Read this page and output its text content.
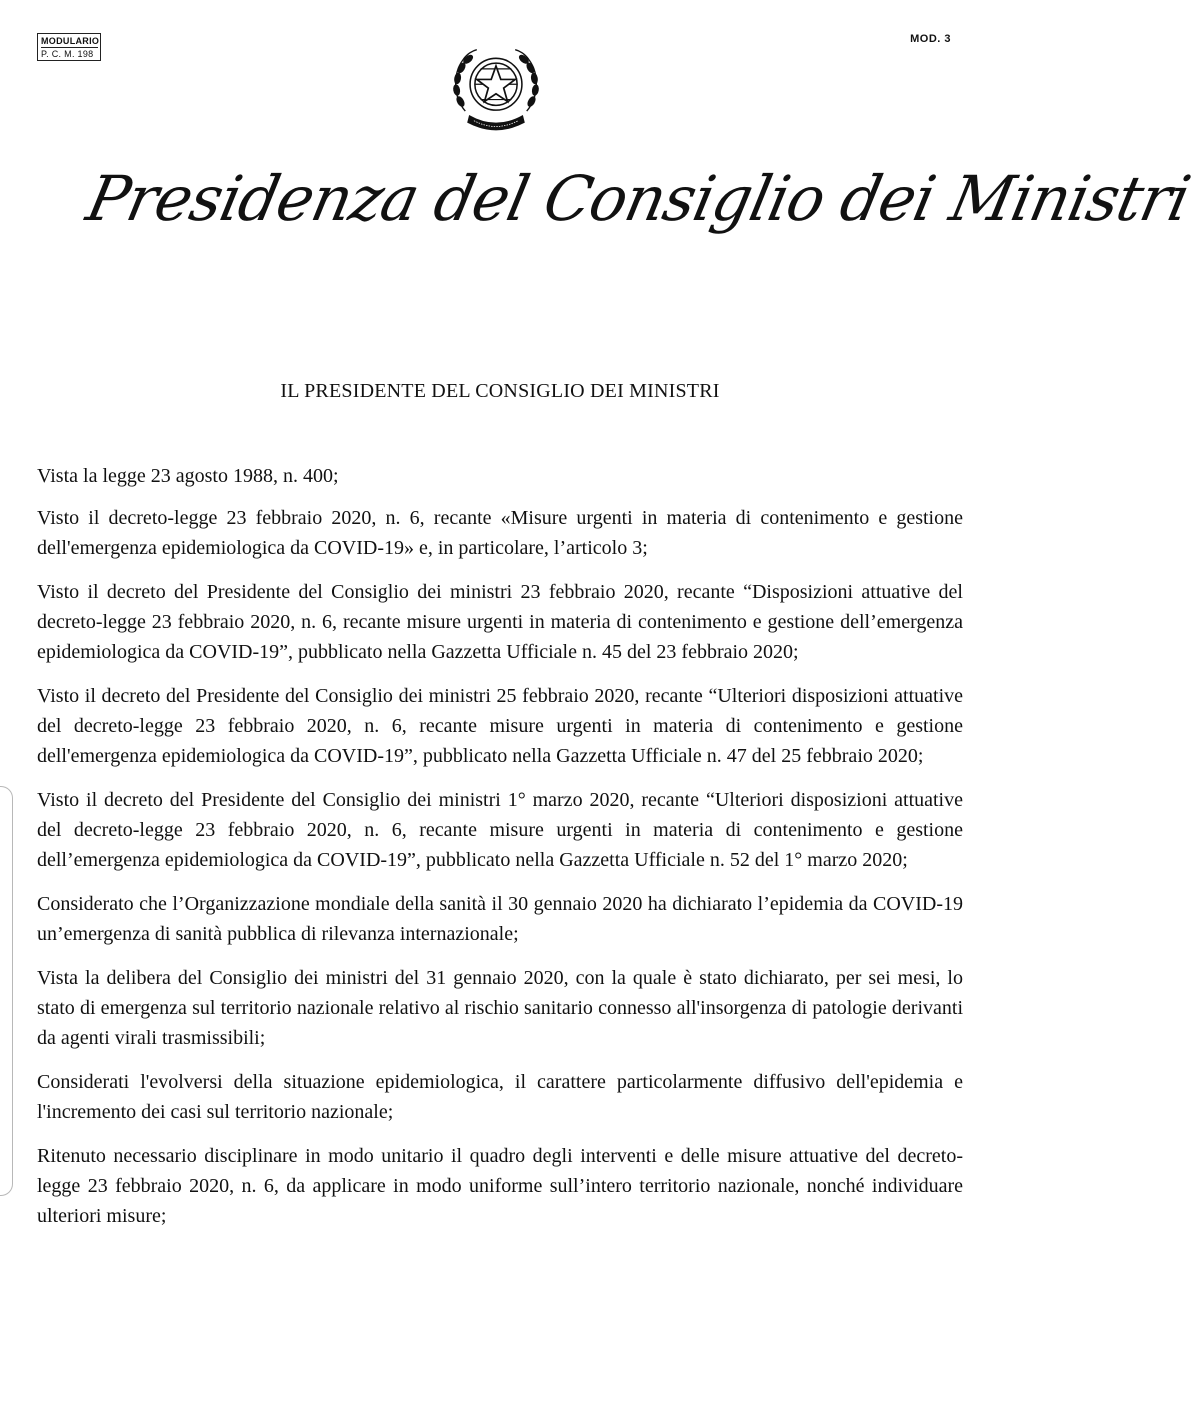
MODULARIO
P. C. M. 198
MOD. 3
Presidenza del Consiglio dei Ministri
IL PRESIDENTE DEL CONSIGLIO DEI MINISTRI

Vista la legge 23 agosto 1988, n. 400;

Visto il decreto-legge 23 febbraio 2020, n. 6, recante «Misure urgenti in materia di contenimento e gestione dell'emergenza epidemiologica da COVID-19» e, in particolare, l’articolo 3;

Visto il decreto del Presidente del Consiglio dei ministri 23 febbraio 2020, recante “Disposizioni attuative del decreto-legge 23 febbraio 2020, n. 6, recante misure urgenti in materia di contenimento e gestione dell’emergenza epidemiologica da COVID-19”, pubblicato nella Gazzetta Ufficiale n. 45 del 23 febbraio 2020;

Visto il decreto del Presidente del Consiglio dei ministri 25 febbraio 2020, recante “Ulteriori disposizioni attuative del decreto-legge 23 febbraio 2020, n. 6, recante misure urgenti in materia di contenimento e gestione dell'emergenza epidemiologica da COVID-19”, pubblicato nella Gazzetta Ufficiale n. 47 del 25 febbraio 2020;

Visto il decreto del Presidente del Consiglio dei ministri 1° marzo 2020, recante “Ulteriori disposizioni attuative del decreto-legge 23 febbraio 2020, n. 6, recante misure urgenti in materia di contenimento e gestione dell’emergenza epidemiologica da COVID-19”, pubblicato nella Gazzetta Ufficiale n. 52 del 1° marzo 2020;

Considerato che l’Organizzazione mondiale della sanità il 30 gennaio 2020 ha dichiarato l’epidemia da COVID-19 un’emergenza di sanità pubblica di rilevanza internazionale;

Vista la delibera del Consiglio dei ministri del 31 gennaio 2020, con la quale è stato dichiarato, per sei mesi, lo stato di emergenza sul territorio nazionale relativo al rischio sanitario connesso all'insorgenza di patologie derivanti da agenti virali trasmissibili;

Considerati l'evolversi della situazione epidemiologica, il carattere particolarmente diffusivo dell'epidemia e l'incremento dei casi sul territorio nazionale;

Ritenuto necessario disciplinare in modo unitario il quadro degli interventi e delle misure attuative del decreto-legge 23 febbraio 2020, n. 6, da applicare in modo uniforme sull’intero territorio nazionale, nonché individuare ulteriori misure;
